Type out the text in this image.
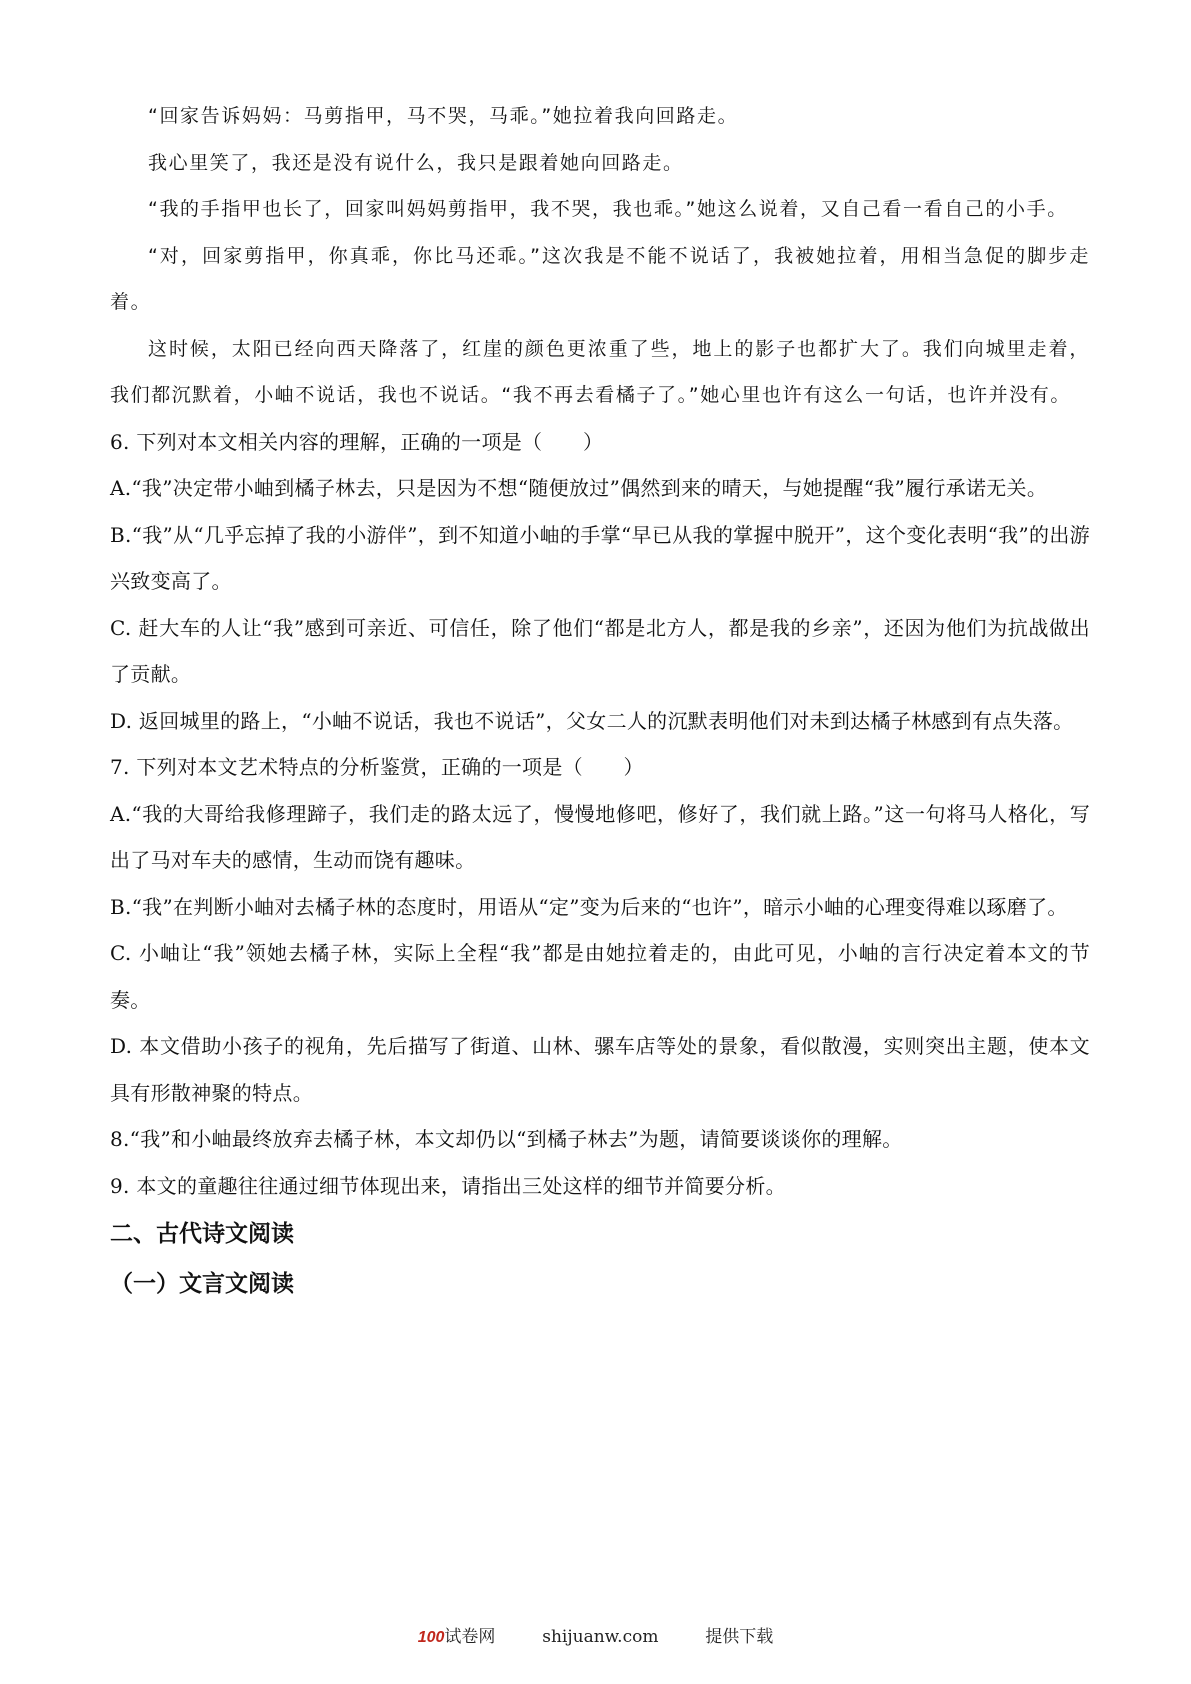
“回家告诉妈妈：马剪指甲，马不哭，马乖。”她拉着我向回路走。

我心里笑了，我还是没有说什么，我只是跟着她向回路走。

“我的手指甲也长了，回家叫妈妈剪指甲，我不哭，我也乖。”她这么说着，又自己看一看自己的小手。

“对，回家剪指甲，你真乖，你比马还乖。”这次我是不能不说话了，我被她拉着，用相当急促的脚步走着。

这时候，太阳已经向西天降落了，红崖的颜色更浓重了些，地上的影子也都扩大了。我们向城里走着，我们都沉默着，小岫不说话，我也不说话。“我不再去看橘子了。”她心里也许有这么一句话，也许并没有。

6. 下列对本文相关内容的理解，正确的一项是（　　）

A.“我”决定带小岫到橘子林去，只是因为不想“随便放过”偶然到来的晴天，与她提醒“我”履行承诺无关。

B.“我”从“几乎忘掉了我的小游伴”，到不知道小岫的手掌“早已从我的掌握中脱开”，这个变化表明“我”的出游兴致变高了。

C. 赶大车的人让“我”感到可亲近、可信任，除了他们“都是北方人，都是我的乡亲”，还因为他们为抗战做出了贡献。

D. 返回城里的路上，“小岫不说话，我也不说话”，父女二人的沉默表明他们对未到达橘子林感到有点失落。

7. 下列对本文艺术特点的分析鉴赏，正确的一项是（　　）

A.“我的大哥给我修理蹄子，我们走的路太远了，慢慢地修吧，修好了，我们就上路。”这一句将马人格化，写出了马对车夫的感情，生动而饶有趣味。

B.“我”在判断小岫对去橘子林的态度时，用语从“定”变为后来的“也许”，暗示小岫的心理变得难以琢磨了。

C. 小岫让“我”领她去橘子林，实际上全程“我”都是由她拉着走的，由此可见，小岫的言行决定着本文的节奏。

D. 本文借助小孩子的视角，先后描写了街道、山林、骡车店等处的景象，看似散漫，实则突出主题，使本文具有形散神聚的特点。

8.“我”和小岫最终放弃去橘子林，本文却仍以“到橘子林去”为题，请简要谈谈你的理解。

9. 本文的童趣往往通过细节体现出来，请指出三处这样的细节并简要分析。

二、古代诗文阅读

（一）文言文阅读

100试卷网	shijuanw.com	提供下载
